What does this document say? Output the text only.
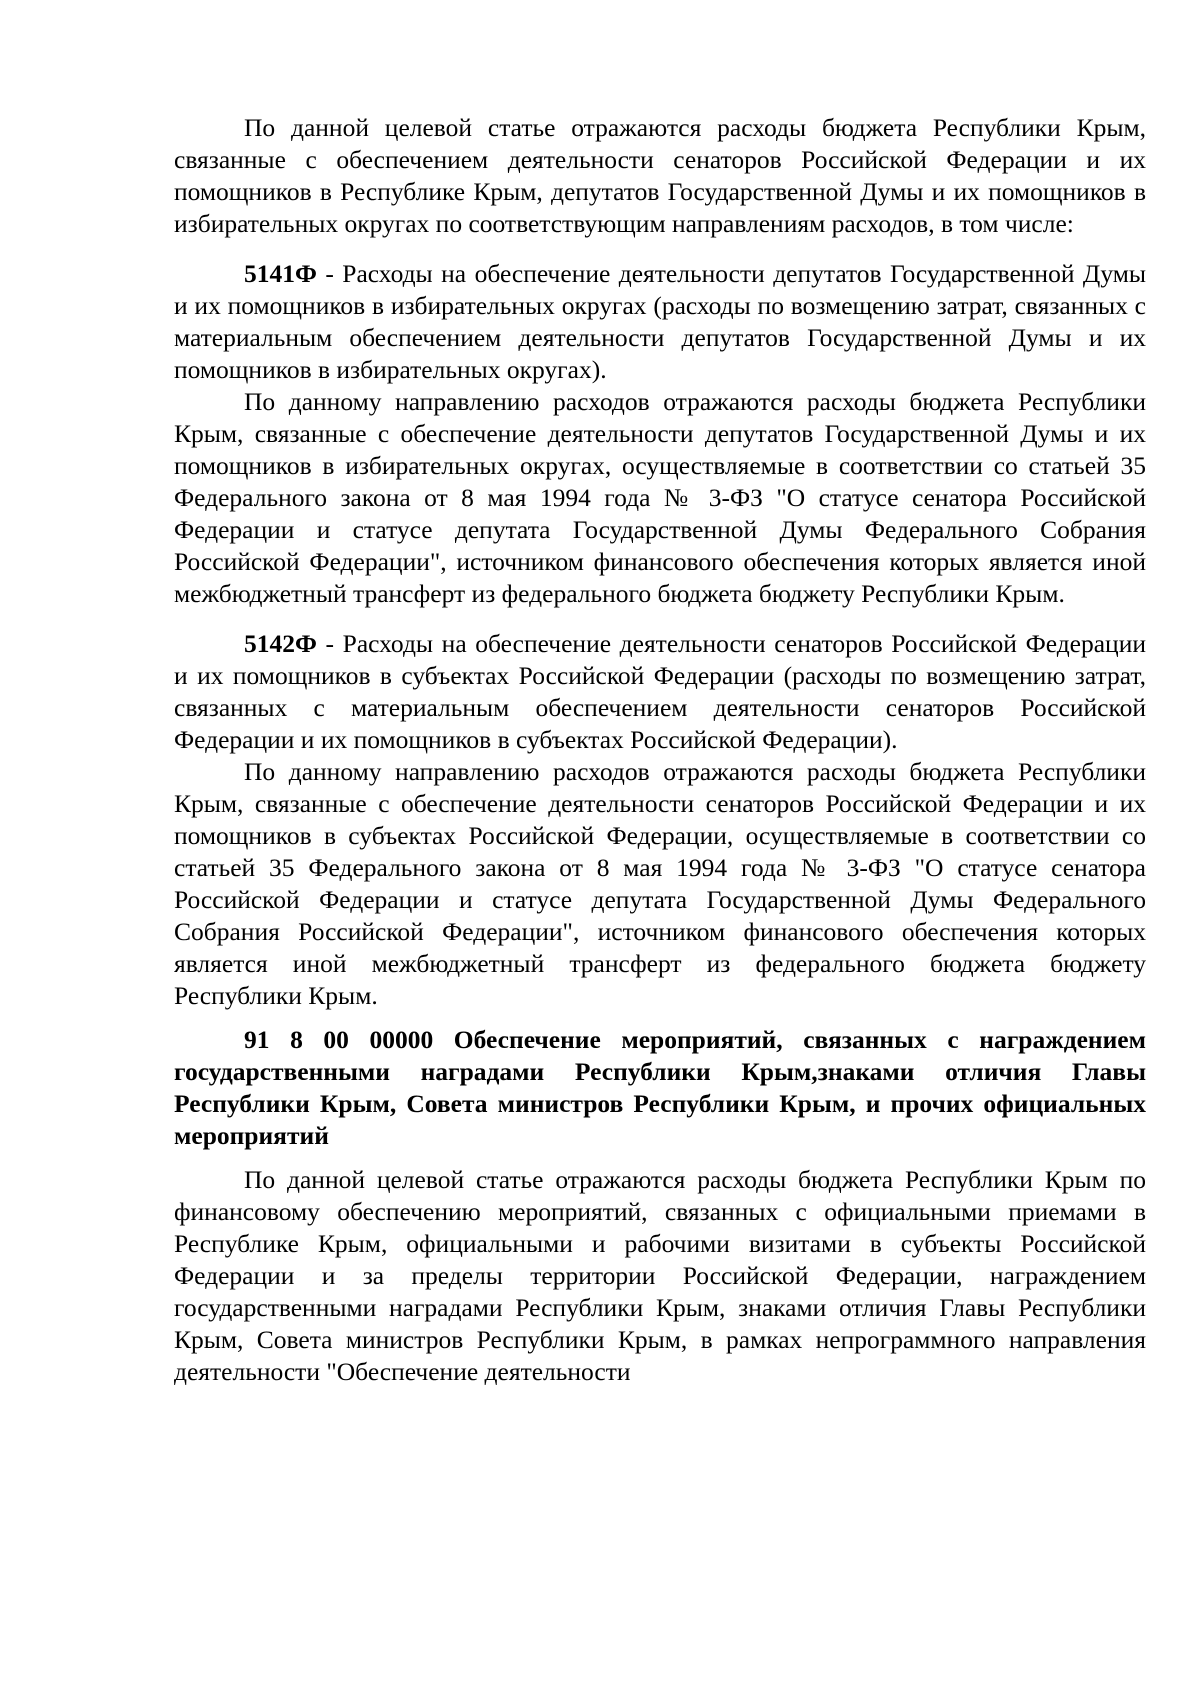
По данной целевой статье отражаются расходы бюджета Республики Крым, связанные с обеспечением деятельности сенаторов Российской Федерации и их помощников в Республике Крым, депутатов Государственной Думы и их помощников в избирательных округах по соответствующим направлениям расходов, в том числе:

5141Ф - Расходы на обеспечение деятельности депутатов Государственной Думы и их помощников в избирательных округах (расходы по возмещению затрат, связанных с материальным обеспечением деятельности депутатов Государственной Думы и их помощников в избирательных округах).

По данному направлению расходов отражаются расходы бюджета Республики Крым, связанные с обеспечение деятельности депутатов Государственной Думы и их помощников в избирательных округах, осуществляемые в соответствии со статьей 35 Федерального закона от 8 мая 1994 года № 3-ФЗ "О статусе сенатора Российской Федерации и статусе депутата Государственной Думы Федерального Собрания Российской Федерации", источником финансового обеспечения которых является иной межбюджетный трансферт из федерального бюджета бюджету Республики Крым.

5142Ф - Расходы на обеспечение деятельности сенаторов Российской Федерации и их помощников в субъектах Российской Федерации (расходы по возмещению затрат, связанных с материальным обеспечением деятельности сенаторов Российской Федерации и их помощников в субъектах Российской Федерации).

По данному направлению расходов отражаются расходы бюджета Республики Крым, связанные с обеспечение деятельности сенаторов Российской Федерации и их помощников в субъектах Российской Федерации, осуществляемые в соответствии со статьей 35 Федерального закона от 8 мая 1994 года № 3-ФЗ "О статусе сенатора Российской Федерации и статусе депутата Государственной Думы Федерального Собрания Российской Федерации", источником финансового обеспечения которых является иной межбюджетный трансферт из федерального бюджета бюджету Республики Крым.

91 8 00 00000 Обеспечение мероприятий, связанных с награждением государственными наградами Республики Крым,знаками отличия Главы Республики Крым, Совета министров Республики Крым, и прочих официальных мероприятий

По данной целевой статье отражаются расходы бюджета Республики Крым по финансовому обеспечению мероприятий, связанных с официальными приемами в Республике Крым, официальными и рабочими визитами в субъекты Российской Федерации и за пределы территории Российской Федерации, награждением государственными наградами Республики Крым, знаками отличия Главы Республики Крым, Совета министров Республики Крым, в рамках непрограммного направления деятельности "Обеспечение деятельности
